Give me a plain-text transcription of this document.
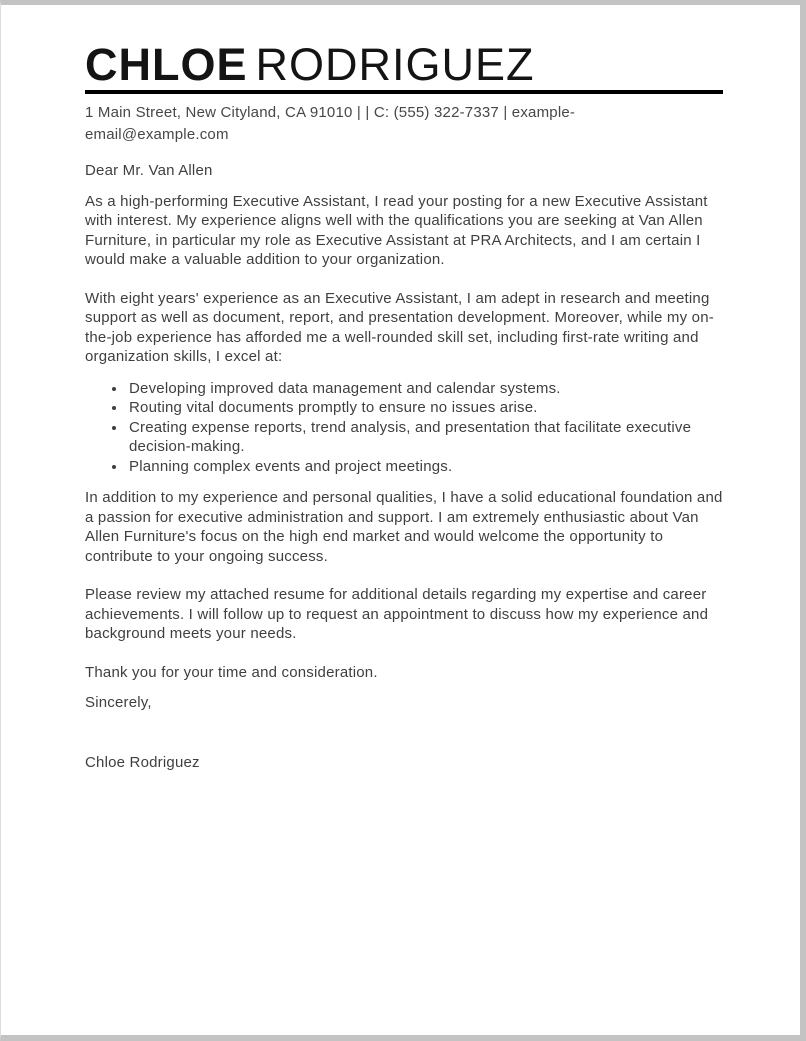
CHLOE RODRIGUEZ
1 Main Street, New Cityland, CA 91010 | | C: (555) 322-7337 | example-
email@example.com

Dear Mr. Van Allen

As a high-performing Executive Assistant, I read your posting for a new Executive Assistant with interest. My experience aligns well with the qualifications you are seeking at Van Allen Furniture, in particular my role as Executive Assistant at PRA Architects, and I am certain I would make a valuable addition to your organization.

With eight years' experience as an Executive Assistant, I am adept in research and meeting support as well as document, report, and presentation development. Moreover, while my on-the-job experience has afforded me a well-rounded skill set, including first-rate writing and organization skills, I excel at:

• Developing improved data management and calendar systems.
• Routing vital documents promptly to ensure no issues arise.
• Creating expense reports, trend analysis, and presentation that facilitate executive decision-making.
• Planning complex events and project meetings.

In addition to my experience and personal qualities, I have a solid educational foundation and a passion for executive administration and support. I am extremely enthusiastic about Van Allen Furniture's focus on the high end market and would welcome the opportunity to contribute to your ongoing success.

Please review my attached resume for additional details regarding my expertise and career achievements. I will follow up to request an appointment to discuss how my experience and background meets your needs.

Thank you for your time and consideration.

Sincerely,

Chloe Rodriguez
